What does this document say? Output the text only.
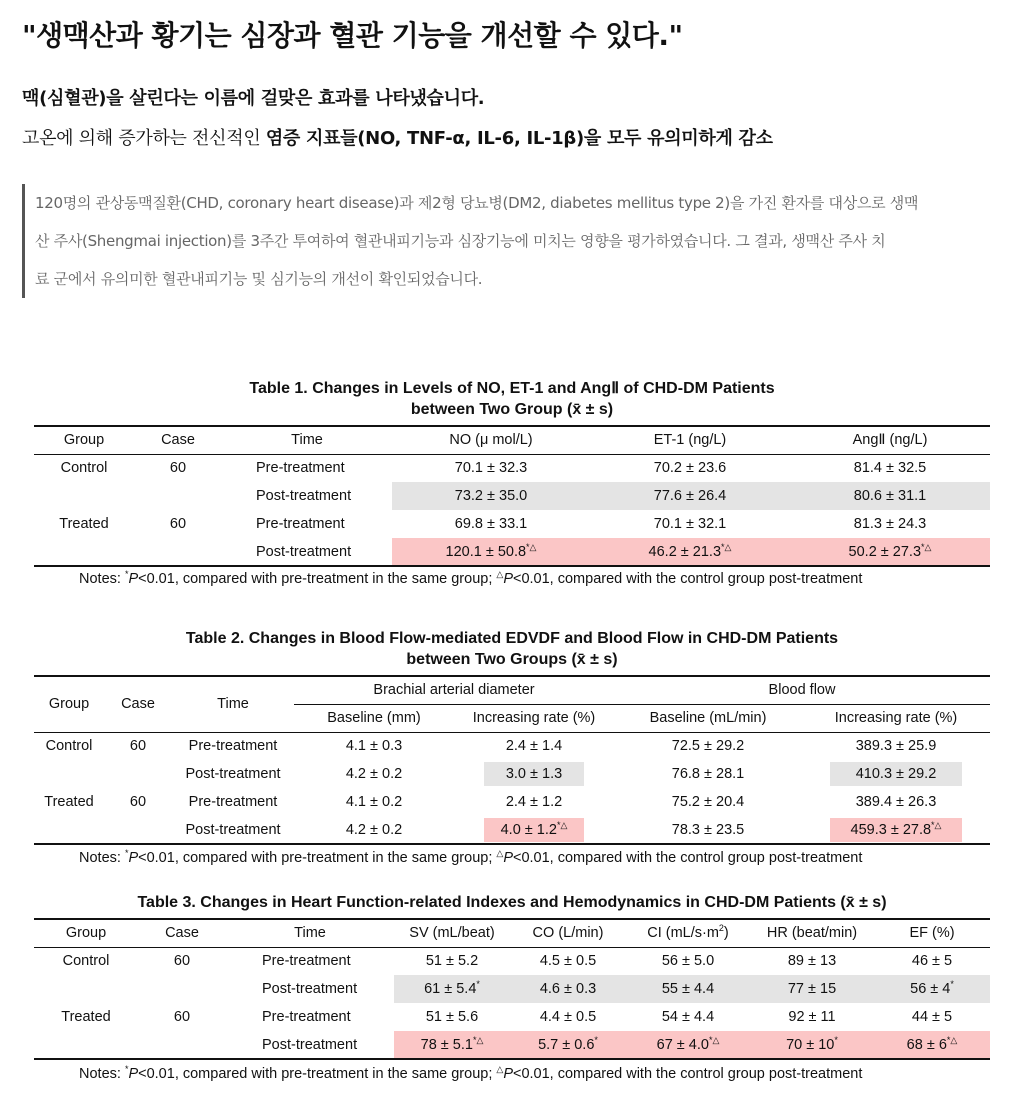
"생맥산과 황기는 심장과 혈관 기능을 개선할 수 있다."
맥(심혈관)을 살린다는 이름에 걸맞은 효과를 나타냈습니다.
고온에 의해 증가하는 전신적인 염증 지표들(NO, TNF-α, IL-6, IL-1β)을 모두 유의미하게 감소

120명의 관상동맥질환(CHD, coronary heart disease)과 제2형 당뇨병(DM2, diabetes mellitus type 2)을 가진 환자를 대상으로 생맥

산 주사(Shengmai injection)를 3주간 투여하여 혈관내피기능과 심장기능에 미치는 영향을 평가하였습니다. 그 결과, 생맥산 주사 치

료 군에서 유의미한 혈관내피기능 및 심기능의 개선이 확인되었습니다.

Table 1. Changes in Levels of NO, ET-1 and AngⅡ of CHD-DM Patients
between Two Group (x̄ ± s)
Group	Case	Time	NO (μ mol/L)	ET-1 (ng/L)	AngⅡ (ng/L)
Control	60	Pre-treatment	70.1 ± 32.3	70.2 ± 23.6	81.4 ± 32.5
		Post-treatment	73.2 ± 35.0	77.6 ± 26.4	80.6 ± 31.1
Treated	60	Pre-treatment	69.8 ± 33.1	70.1 ± 32.1	81.3 ± 24.3
		Post-treatment	120.1 ± 50.8*△	46.2 ± 21.3*△	50.2 ± 27.3*△
Notes: *P<0.01, compared with pre-treatment in the same group; △P<0.01, compared with the control group post-treatment
Table 2. Changes in Blood Flow-mediated EDVDF and Blood Flow in CHD-DM Patients
between Two Groups (x̄ ± s)
Group	Case	Time	Brachial arterial diameter		Blood flow	
			Baseline (mm)	Increasing rate (%)	Baseline (mL/min)	Increasing rate (%)
Control	60	Pre-treatment	4.1 ± 0.3	2.4 ± 1.4	72.5 ± 29.2	389.3 ± 25.9
		Post-treatment	4.2 ± 0.2	3.0 ± 1.3	76.8 ± 28.1	410.3 ± 29.2

Treated	60	Pre-treatment	4.1 ± 0.2	2.4 ± 1.2	75.2 ± 20.4	389.4 ± 26.3
		Post-treatment	4.2 ± 0.2	4.0 ± 1.2*△	78.3 ± 23.5	459.3 ± 27.8*△
Notes: *P<0.01, compared with pre-treatment in the same group; △P<0.01, compared with the control group post-treatment
Table 3. Changes in Heart Function-related Indexes and Hemodynamics in CHD-DM Patients (x̄ ± s)
Group	Case	Time	SV (mL/beat)	CO (L/min)	CI $(mL/s\cdot m^2)$	HR (beat/min)	EF (%)
Control	60	Pre-treatment	51 ± 5.2	4.5 ± 0.5	56 ± 5.0	89 ± 13	46 ± 5
		Post-treatment	61 ± 5.4*	4.6 ± 0.3	55 ± 4.4	77 ± 15	56 ± 4*
Treated	60	Pre-treatment	51 ± 5.6	4.4 ± 0.5	54 ± 4.4	92 ± 11	44 ± 5
		Post-treatment	78 ± 5.1*△	5.7 ± 0.6*	67 ± 4.0*△	70 ± 10*	68 ± 6*△
Notes: *P<0.01, compared with pre-treatment in the same group; △P<0.01, compared with the control group post-treatment
